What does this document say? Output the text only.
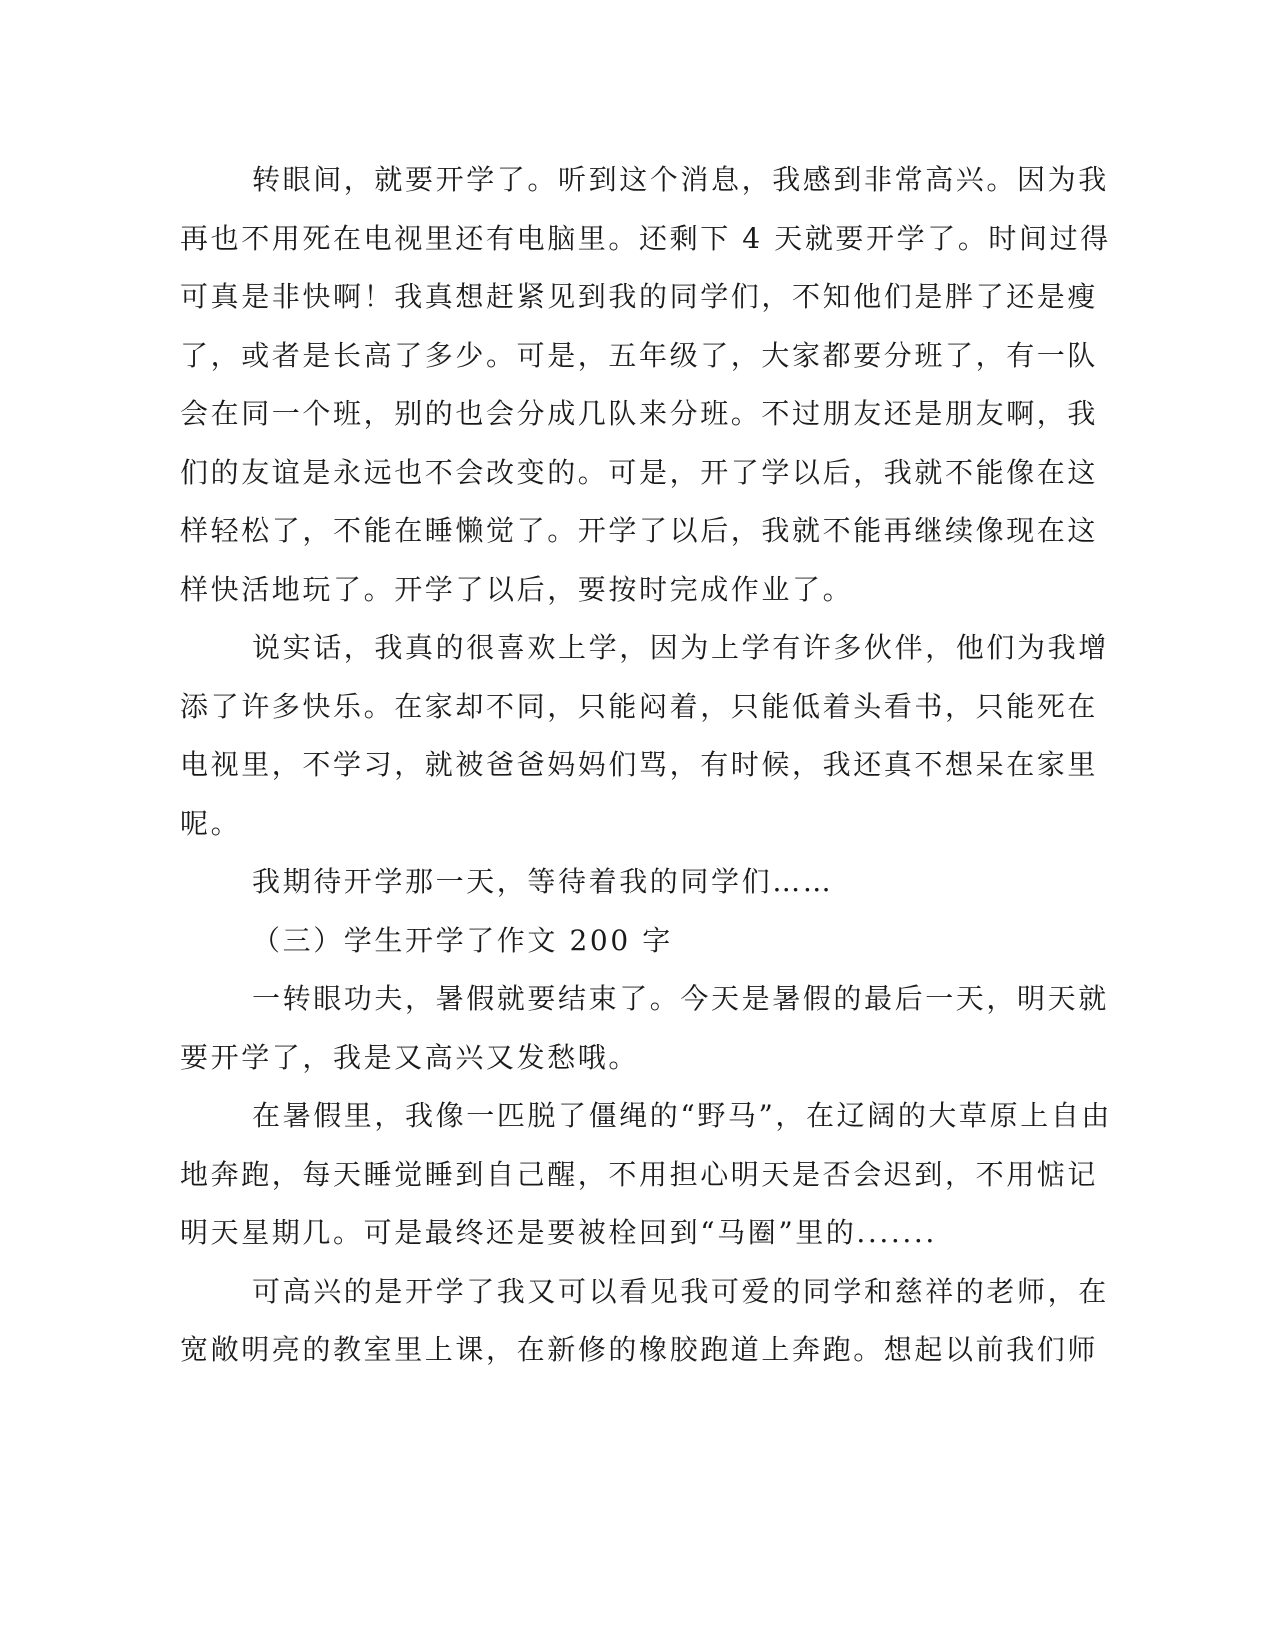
转眼间，就要开学了。听到这个消息，我感到非常高兴。因为我
再也不用死在电视里还有电脑里。还剩下 4 天就要开学了。时间过得
可真是非快啊！我真想赶紧见到我的同学们，不知他们是胖了还是瘦
了，或者是长高了多少。可是，五年级了，大家都要分班了，有一队
会在同一个班，别的也会分成几队来分班。不过朋友还是朋友啊，我
们的友谊是永远也不会改变的。可是，开了学以后，我就不能像在这
样轻松了，不能在睡懒觉了。开学了以后，我就不能再继续像现在这
样快活地玩了。开学了以后，要按时完成作业了。
说实话，我真的很喜欢上学，因为上学有许多伙伴，他们为我增
添了许多快乐。在家却不同，只能闷着，只能低着头看书，只能死在
电视里，不学习，就被爸爸妈妈们骂，有时候，我还真不想呆在家里
呢。
我期待开学那一天，等待着我的同学们……
（三）学生开学了作文 200 字
一转眼功夫，暑假就要结束了。今天是暑假的最后一天，明天就
要开学了，我是又高兴又发愁哦。
在暑假里，我像一匹脱了僵绳的“野马”，在辽阔的大草原上自由
地奔跑，每天睡觉睡到自己醒，不用担心明天是否会迟到，不用惦记
明天星期几。可是最终还是要被栓回到“马圈”里的.......
可高兴的是开学了我又可以看见我可爱的同学和慈祥的老师，在
宽敞明亮的教室里上课，在新修的橡胶跑道上奔跑。想起以前我们师
